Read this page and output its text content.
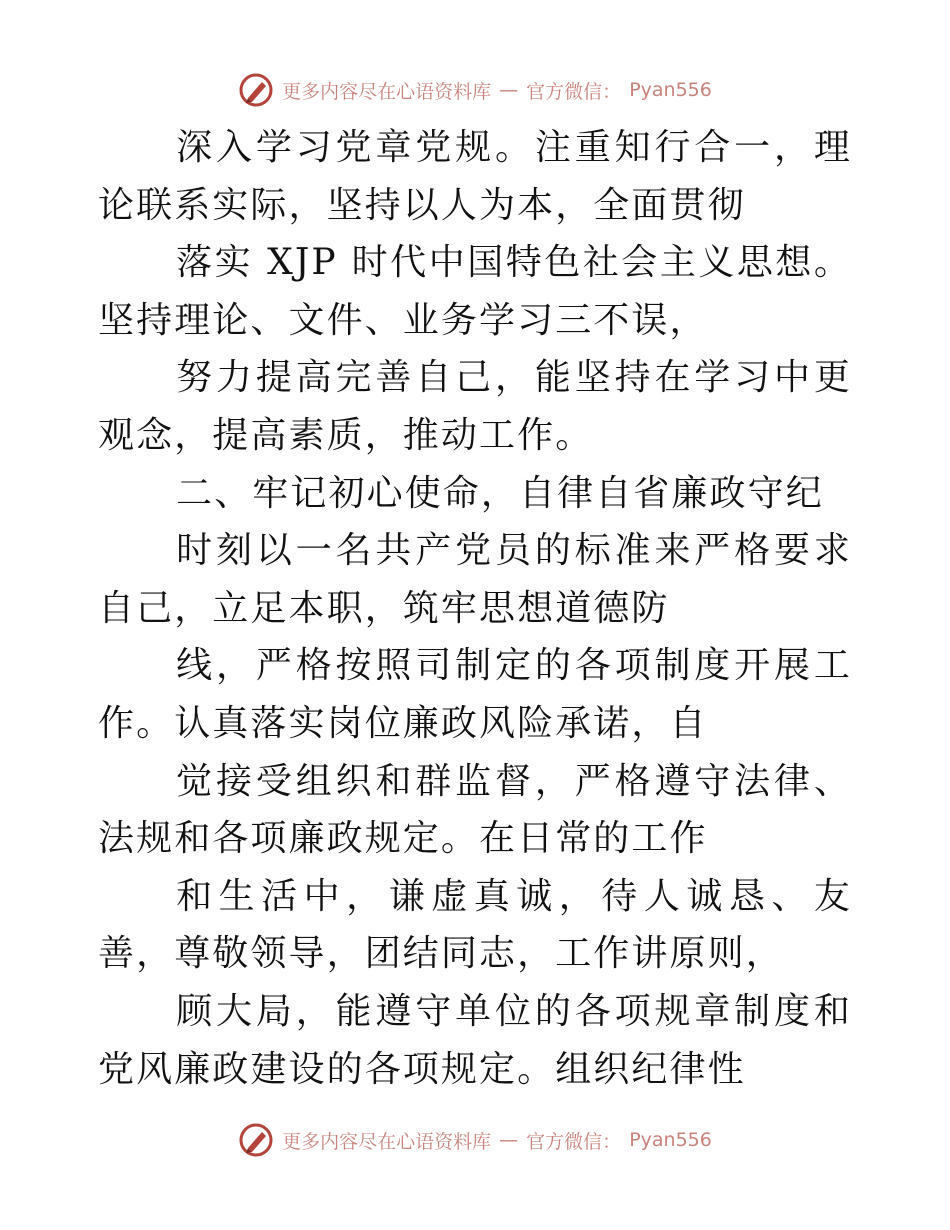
更多内容尽在心语资料库 — 官方微信： Pyan556

深入学习党章党规。注重知行合一，理论联系实际，坚持以人为本，全面贯彻

落实 XJP 时代中国特色社会主义思想。坚持理论、文件、业务学习三不误，

努力提高完善自己，能坚持在学习中更观念，提高素质，推动工作。

二、牢记初心使命，自律自省廉政守纪

时刻以一名共产党员的标准来严格要求自己，立足本职，筑牢思想道德防

线，严格按照司制定的各项制度开展工作。认真落实岗位廉政风险承诺，自

觉接受组织和群监督，严格遵守法律、法规和各项廉政规定。在日常的工作

和生活中，谦虚真诚，待人诚恳、友善，尊敬领导，团结同志，工作讲原则，

顾大局，能遵守单位的各项规章制度和党风廉政建设的各项规定。组织纪律性

更多内容尽在心语资料库 — 官方微信： Pyan556
